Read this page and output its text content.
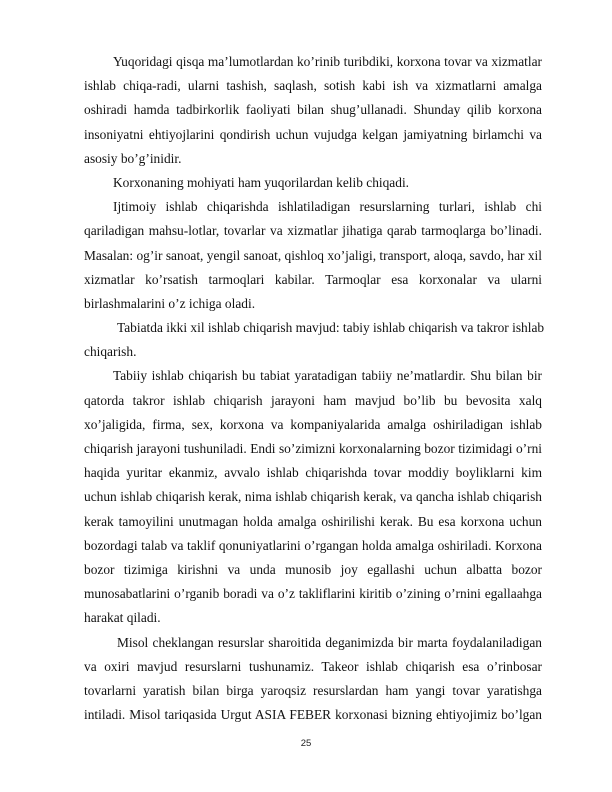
Yuqoridagi qisqa ma’lumotlardan ko’rinib turibdiki, korxona tovar va xizmatlar
ishlab chiqa-radi, ularni tashish, saqlash, sotish kabi ish va xizmatlarni amalga
oshiradi hamda tadbirkorlik faoliyati bilan shug’ullanadi. Shunday qilib korxona
insoniyatni ehtiyojlarini qondirish uchun vujudga kelgan jamiyatning birlamchi va
asosiy bo’g’inidir.
Korxonaning mohiyati ham yuqorilardan kelib chiqadi.
Ijtimoiy ishlab chiqarishda ishlatiladigan resurslarning turlari, ishlab chi
qariladigan mahsu-lotlar, tovarlar va xizmatlar jihatiga qarab tarmoqlarga bo’linadi.
Masalan: og’ir sanoat, yengil sanoat, qishloq xo’jaligi, transport, aloqa, savdo, har xil
xizmatlar ko’rsatish tarmoqlari kabilar. Tarmoqlar esa korxonalar va ularni
birlashmalarini o’z ichiga oladi.
Tabiatda ikki xil ishlab chiqarish mavjud: tabiy ishlab chiqarish va takror ishlab
chiqarish.
Tabiiy ishlab chiqarish bu tabiat yaratadigan tabiiy ne’matlardir. Shu bilan bir
qatorda takror ishlab chiqarish jarayoni ham mavjud bo’lib bu bevosita xalq
xo’jaligida, firma, sex, korxona va kompaniyalarida amalga oshiriladigan ishlab
chiqarish jarayoni tushuniladi. Endi so’zimizni korxonalarning bozor tizimidagi o’rni
haqida yuritar ekanmiz, avvalo ishlab chiqarishda tovar moddiy boyliklarni kim
uchun ishlab chiqarish kerak, nima ishlab chiqarish kerak, va qancha ishlab chiqarish
kerak tamoyilini unutmagan holda amalga oshirilishi kerak. Bu esa korxona uchun
bozordagi talab va taklif qonuniyatlarini o’rgangan holda amalga oshiriladi. Korxona
bozor tizimiga kirishni va unda munosib joy egallashi uchun albatta bozor
munosabatlarini o’rganib boradi va o’z takliflarini kiritib o’zining o’rnini egallaahga
harakat qiladi.
Misol cheklangan resurslar sharoitida deganimizda bir marta foydalaniladigan
va oxiri mavjud resurslarni tushunamiz. Takeor ishlab chiqarish esa o’rinbosar
tovarlarni yaratish bilan birga yaroqsiz resurslardan ham yangi tovar yaratishga
intiladi. Misol tariqasida Urgut ASIA FEBER korxonasi bizning ehtiyojimiz bo’lgan
25
